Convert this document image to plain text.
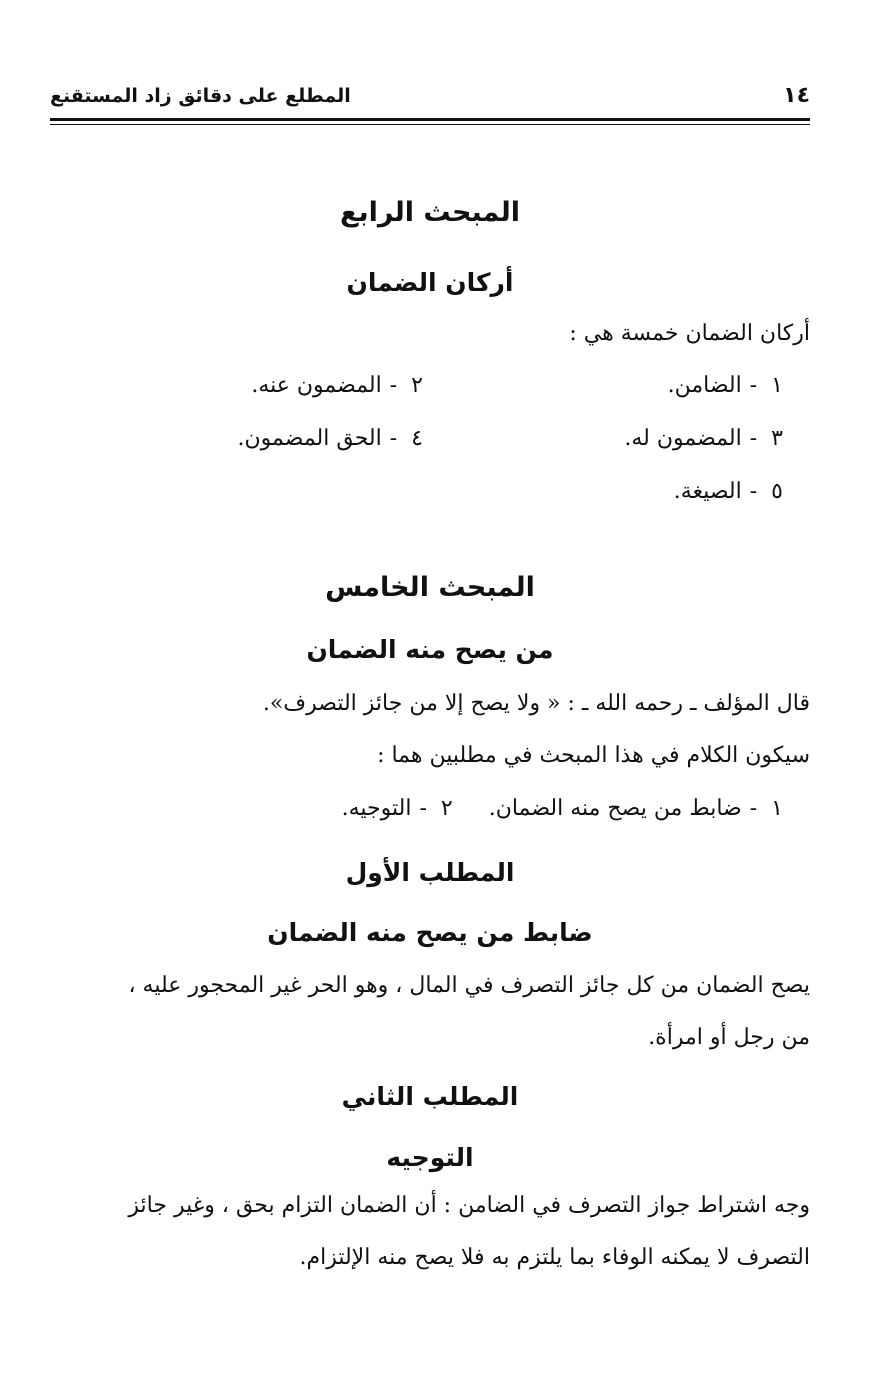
١٤
المطلع على دقائق زاد المستقنع
المبحث الرابع
أركان الضمان
أركان الضمان خمسة هي :
١-الضامن.
٢-المضمون عنه.
٣-المضمون له.
٤-الحق المضمون.
٥-الصيغة.
المبحث الخامس
من يصح منه الضمان
قال المؤلف ـ رحمه الله ـ : « ولا يصح إلا من جائز التصرف».
سيكون الكلام في هذا المبحث في مطلبين هما :
١-ضابط من يصح منه الضمان.  ٢-التوجيه.
المطلب الأول
ضابط من يصح منه الضمان
يصح الضمان من كل جائز التصرف في المال ، وهو الحر غير المحجور عليه ،
من رجل أو امرأة.
المطلب الثاني
التوجيه
وجه اشتراط جواز التصرف في الضامن : أن الضمان التزام بحق ، وغير جائز
التصرف لا يمكنه الوفاء بما يلتزم به فلا يصح منه الإلتزام.
